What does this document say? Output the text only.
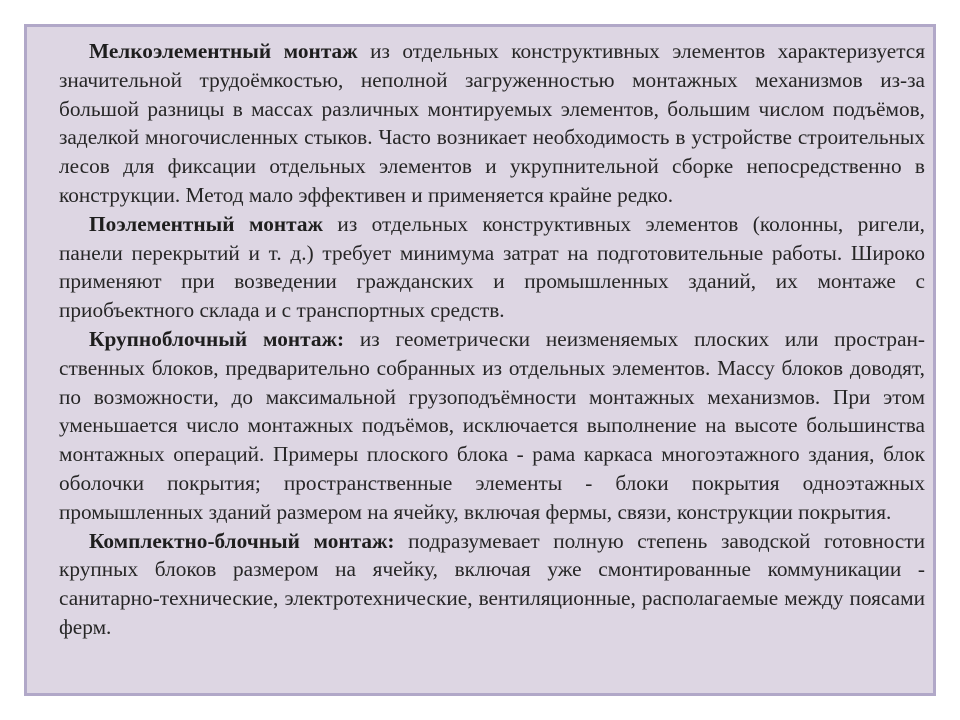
Мелкоэлементный монтаж из отдельных конструктивных элементов характеризуется значительной трудоёмкостью, неполной загруженностью монтажных механизмов из-за большой разницы в массах различных монтируемых элементов, большим числом подъёмов, заделкой многочисленных стыков. Часто возникает необходимость в устройстве строительных лесов для фиксации отдельных элементов и укрупнительной сборке непосредственно в конструкции. Метод мало эффективен и применяется крайне редко.

Поэлементный монтаж из отдельных конструктивных элементов (колонны, ригели, панели перекрытий и т. д.) требует минимума затрат на подготовительные работы. Широко применяют при возведении гражданских и промышленных зданий, их монтаже с приобъектного склада и с транспортных средств.

Крупноблочный монтаж: из геометрически неизменяемых плоских или пространственных блоков, предварительно собранных из отдельных элементов. Массу блоков доводят, по возможности, до максимальной грузоподъёмности монтажных механизмов. При этом уменьшается число монтажных подъёмов, исключается выполнение на высоте большинства монтажных операций. Примеры плоского блока - рама каркаса многоэтажного здания, блок оболочки покрытия; пространственные элементы - блоки покрытия одноэтажных промышленных зданий размером на ячейку, включая фермы, связи, конструкции покрытия.

Комплектно-блочный монтаж: подразумевает полную степень заводской готовности крупных блоков размером на ячейку, включая уже смонтированные коммуникации - санитарно-технические, электротехнические, вентиляционные, располагаемые между поясами ферм.
